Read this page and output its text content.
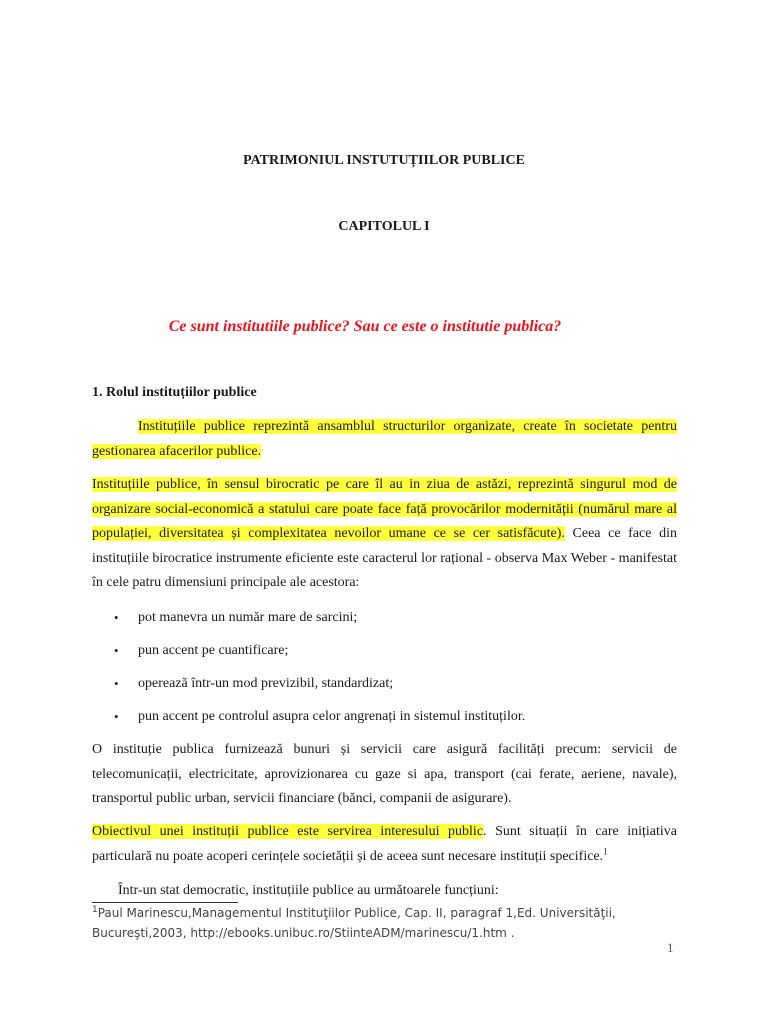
PATRIMONIUL INSTUTUȚIILOR PUBLICE
CAPITOLUL I
Ce sunt institutiile publice? Sau ce este o institutie publica?
1. Rolul instituțiilor publice
Instituțiile publice reprezintă ansamblul structurilor organizate, create în societate pentru gestionarea afacerilor publice.
Instituțiile publice, în sensul birocratic pe care îl au in ziua de astăzi, reprezintă singurul mod de organizare social-economică a statului care poate face față provocărilor modernității (numărul mare al populației, diversitatea și complexitatea nevoilor umane ce se cer satisfăcute). Ceea ce face din instituțiile birocratice instrumente eficiente este caracterul lor rațional - observa Max Weber - manifestat în cele patru dimensiuni principale ale acestora:
• pot manevra un număr mare de sarcini;
• pun accent pe cuantificare;
• operează într-un mod previzibil, standardizat;
• pun accent pe controlul asupra celor angrenați in sistemul instituților.
O instituție publica furnizează bunuri și servicii care asigură facilități precum: servicii de telecomunicații, electricitate, aprovizionarea cu gaze si apa, transport (cai ferate, aeriene, navale), transportul public urban, servicii financiare (bănci, companii de asigurare).
Obiectivul unei instituții publice este servirea interesului public. Sunt situații în care inițiativa particulară nu poate acoperi cerințele societății și de aceea sunt necesare instituții specifice.$^1$
Într-un stat democratic, instituțiile publice au următoarele funcțiuni:
$^1$Paul Marinescu,Managementul Instituţiilor Publice, Cap. II, paragraf 1,Ed. Universităţii, Bucureşti,2003, http://ebooks.unibuc.ro/StiinteADM/marinescu/1.htm .
1
